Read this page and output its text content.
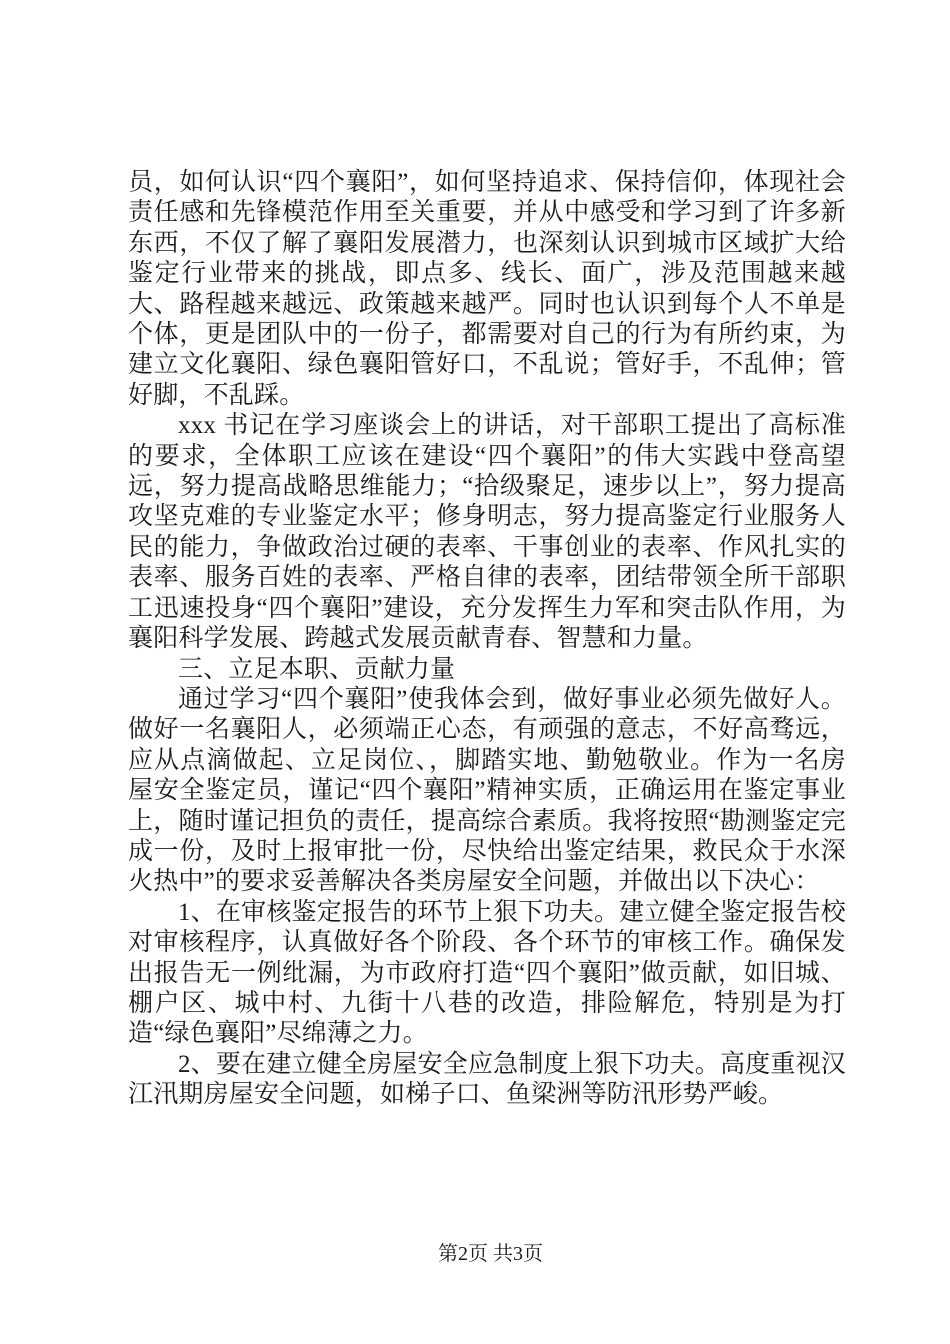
员，如何认识“四个襄阳”，如何坚持追求、保持信仰，体现社会责任感和先锋模范作用至关重要，并从中感受和学习到了许多新东西，不仅了解了襄阳发展潜力，也深刻认识到城市区域扩大给鉴定行业带来的挑战，即点多、线长、面广，涉及范围越来越大、路程越来越远、政策越来越严。同时也认识到每个人不单是个体，更是团队中的一份子，都需要对自己的行为有所约束，为建立文化襄阳、绿色襄阳管好口，不乱说；管好手，不乱伸；管好脚，不乱踩。

xxx 书记在学习座谈会上的讲话，对干部职工提出了高标准的要求，全体职工应该在建设“四个襄阳”的伟大实践中登高望远，努力提高战略思维能力；“拾级聚足，速步以上”，努力提高攻坚克难的专业鉴定水平；修身明志，努力提高鉴定行业服务人民的能力，争做政治过硬的表率、干事创业的表率、作风扎实的表率、服务百姓的表率、严格自律的表率，团结带领全所干部职工迅速投身“四个襄阳”建设，充分发挥生力军和突击队作用，为襄阳科学发展、跨越式发展贡献青春、智慧和力量。

三、立足本职、贡献力量

通过学习“四个襄阳”使我体会到，做好事业必须先做好人。做好一名襄阳人，必须端正心态，有顽强的意志，不好高骛远，应从点滴做起、立足岗位、，脚踏实地、勤勉敬业。作为一名房屋安全鉴定员，谨记“四个襄阳”精神实质，正确运用在鉴定事业上，随时谨记担负的责任，提高综合素质。我将按照“勘测鉴定完成一份，及时上报审批一份，尽快给出鉴定结果，救民众于水深火热中”的要求妥善解决各类房屋安全问题，并做出以下决心：

1、在审核鉴定报告的环节上狠下功夫。建立健全鉴定报告校对审核程序，认真做好各个阶段、各个环节的审核工作。确保发出报告无一例纰漏，为市政府打造“四个襄阳”做贡献，如旧城、棚户区、城中村、九街十八巷的改造，排险解危，特别是为打造“绿色襄阳”尽绵薄之力。

2、要在建立健全房屋安全应急制度上狠下功夫。高度重视汉江汛期房屋安全问题，如梯子口、鱼梁洲等防汛形势严峻。

第2页 共3页
